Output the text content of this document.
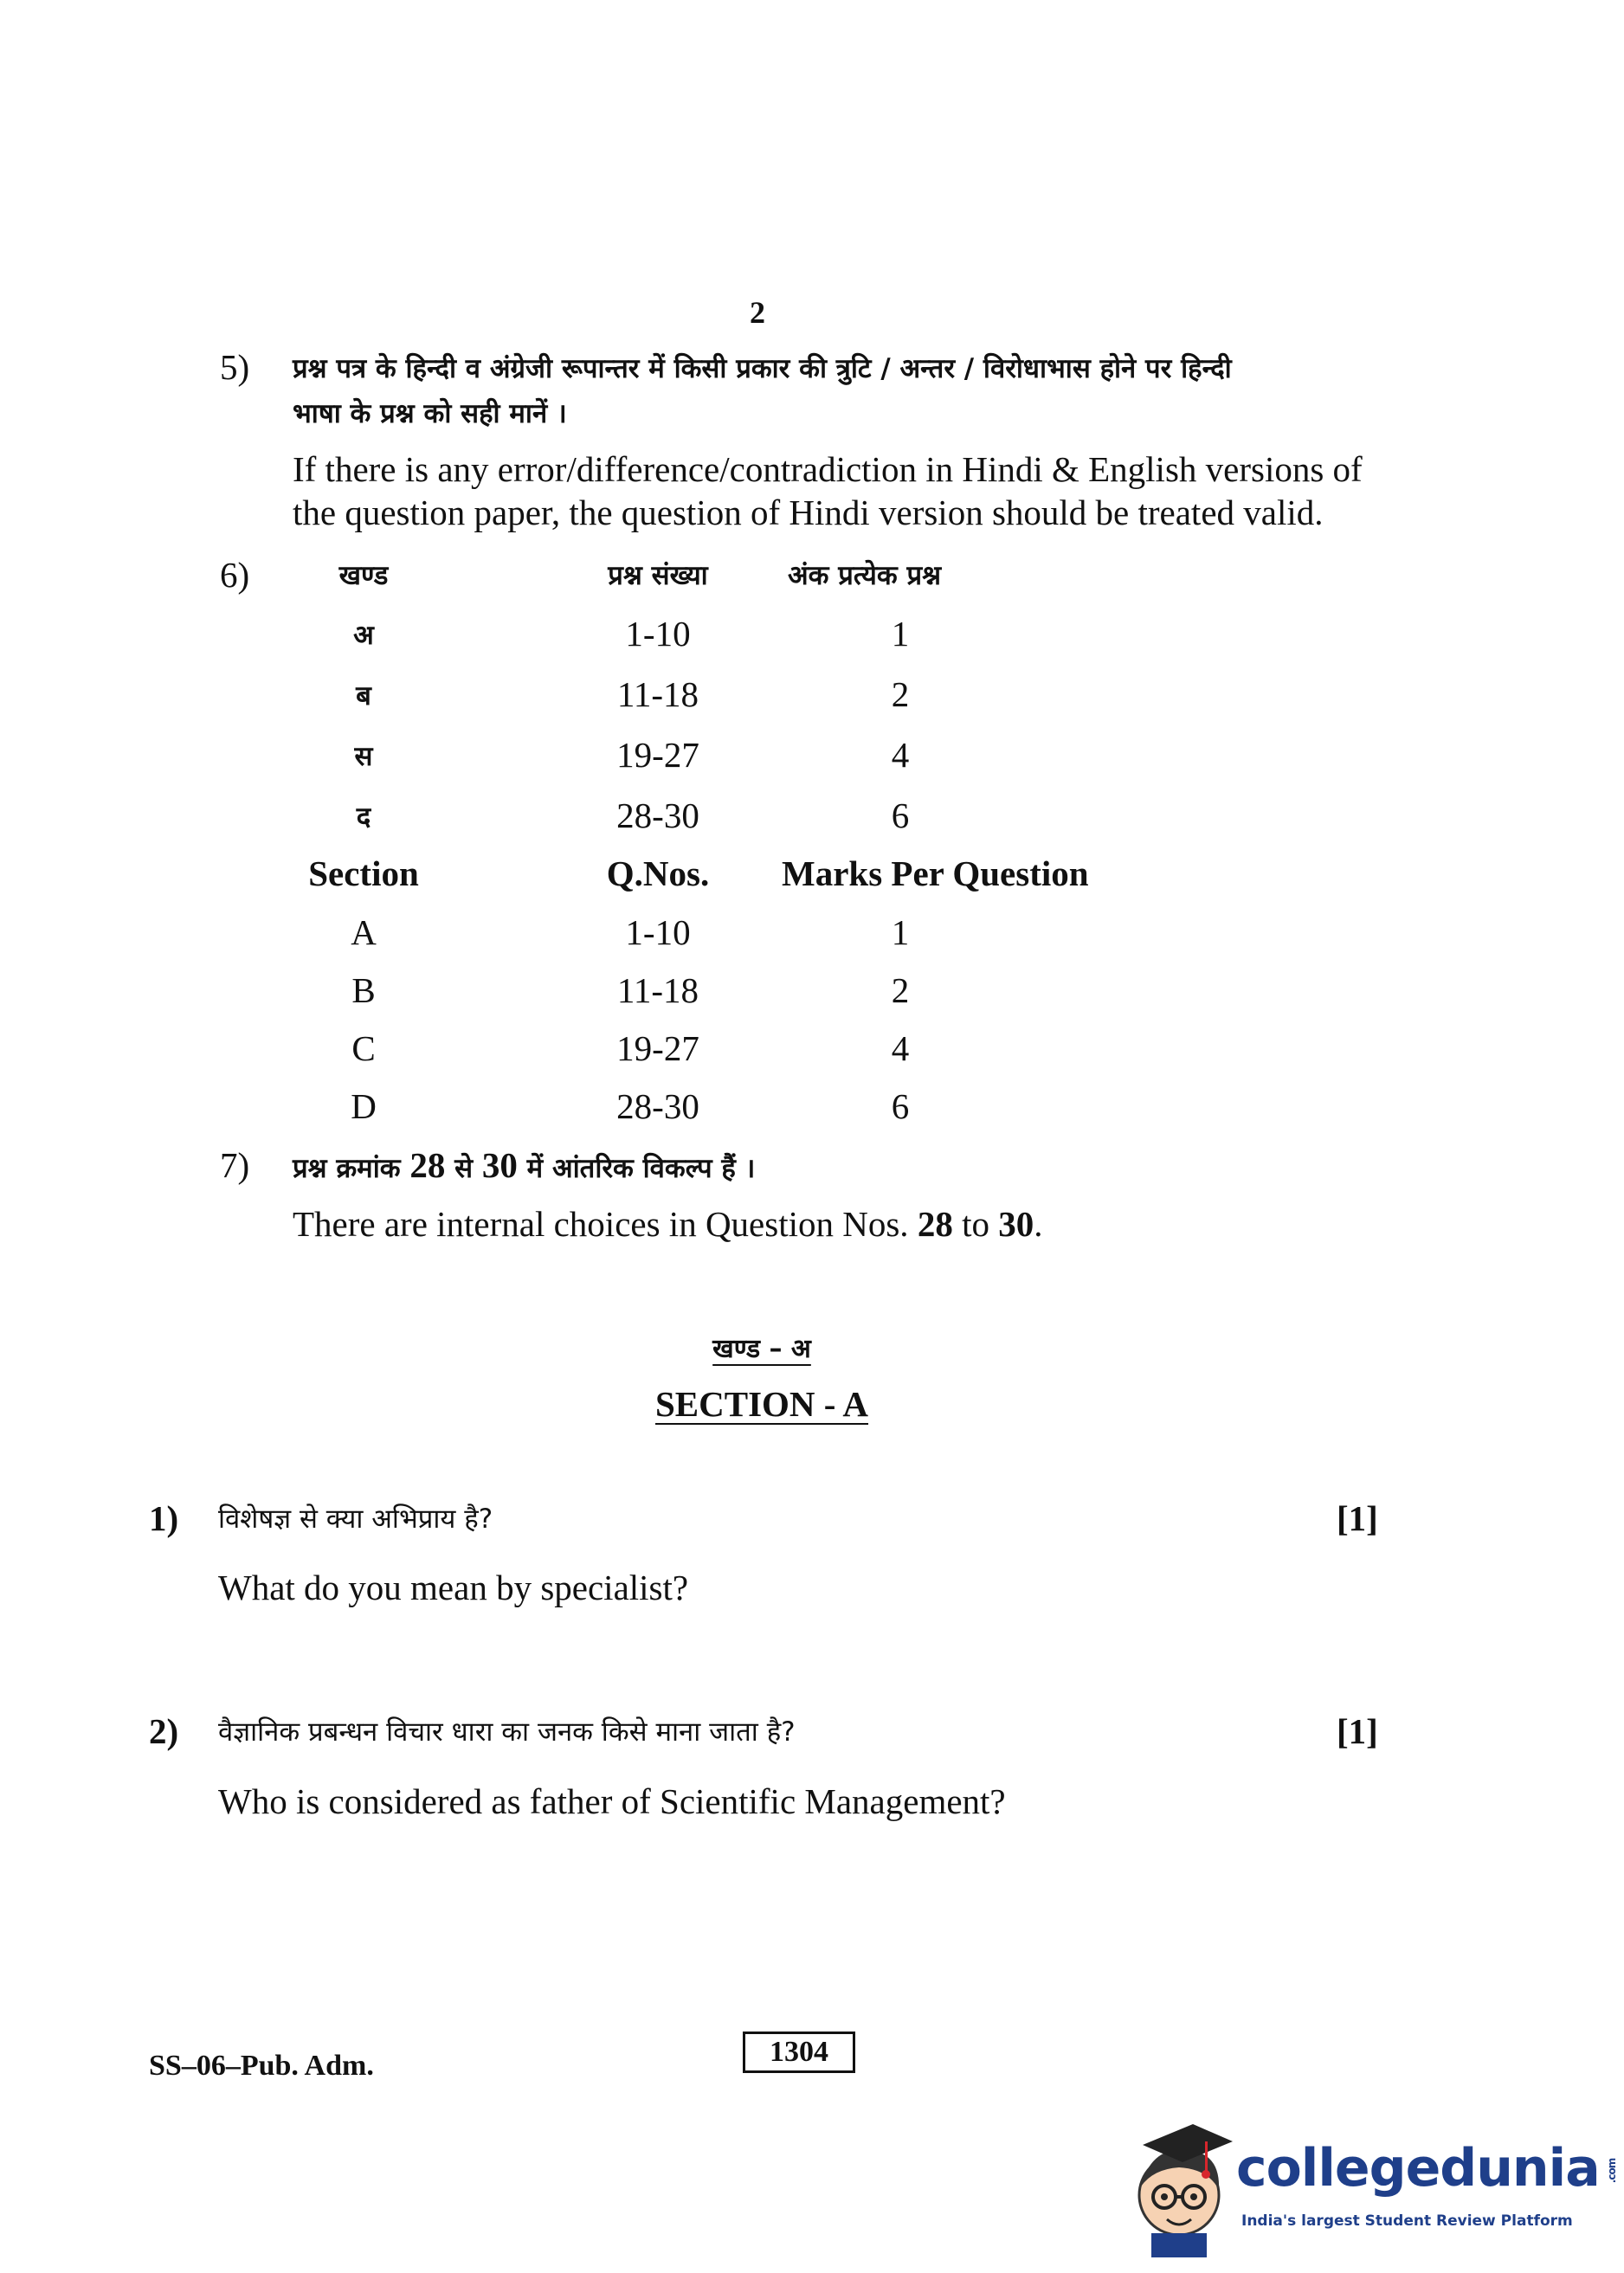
2
5) प्रश्न पत्र के हिन्दी व अंग्रेजी रूपान्तर में किसी प्रकार की त्रुटि / अन्तर / विरोधाभास होने पर हिन्दी
भाषा के प्रश्न को सही मानें ।
If there is any error/difference/contradiction in Hindi & English versions of
the question paper, the question of Hindi version should be treated valid.
6)	खण्ड	प्रश्न संख्या	अंक प्रत्येक प्रश्न
अ	1-10	1
ब	11-18	2
स	19-27	4
द	28-30	6
Section	Q.Nos.	Marks Per Question
A	1-10	1
B	11-18	2
C	19-27	4
D	28-30	6
7) प्रश्न क्रमांक 28 से 30 में आंतरिक विकल्प हैं ।
There are internal choices in Question Nos. 28 to 30.
खण्ड – अ
SECTION - A
1) विशेषज्ञ से क्या अभिप्राय है?	[1]
What do you mean by specialist?
2) वैज्ञानिक प्रबन्धन विचार धारा का जनक किसे माना जाता है?	[1]
Who is considered as father of Scientific Management?
SS–06–Pub. Adm.	1304
collegedunia .com
India's largest Student Review Platform
